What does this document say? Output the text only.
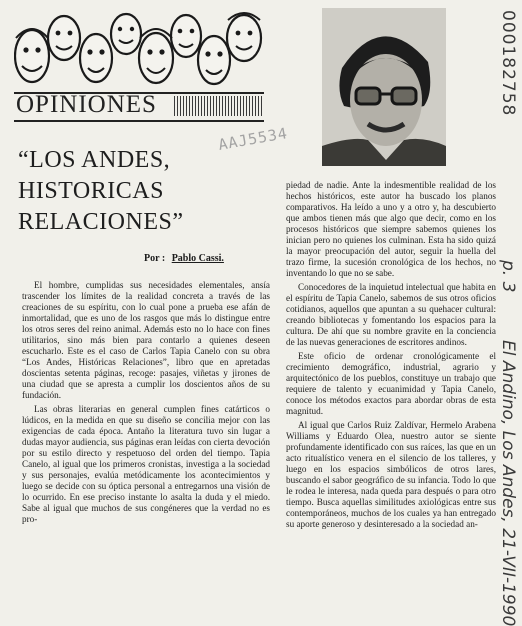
OPINIONES
AAJ5534
000182758
p. 3
El Andino, Los Andes, 21-VII-1990
“LOS ANDES,
HISTORICAS
RELACIONES”
Por : Pablo Cassi.

El hombre, cumplidas sus necesidades elementales, ansía trascender los límites de la realidad concreta a través de las creaciones de su espíritu, con lo cual pone a prueba ese afán de inmortalidad, que es uno de los rasgos que más lo distingue entre los otros seres del reino animal. Además esto no lo hace con fines utilitarios, sino más bien para contarlo a quienes deseen escucharlo. Este es el caso de Carlos Tapia Canelo con su obra “Los Andes, Históricas Relaciones”, libro que en apretadas doscientas setenta páginas, recoge: pasajes, viñetas y jirones de una ciudad que se apresta a cumplir los doscientos años de su fundación.

Las obras literarias en general cumplen fines catárticos o lúdicos, en la medida en que su diseño se concilia mejor con las exigencias de cada época. Antaño la literatura tuvo sin lugar a dudas mayor audiencia, sus páginas eran leídas con cierta devoción por su estilo directo y respetuoso del orden del tiempo. Tapia Canelo, al igual que los primeros cronistas, investiga a la sociedad y sus personajes, evalúa metódicamente los acontecimientos y luego se decide con su óptica personal a entregarnos una visión de lo ocurrido. En ese preciso instante lo asalta la duda y el miedo. Sabe al igual que muchos de sus congéneres que la verdad no es pro-

piedad de nadie. Ante la indesmentible realidad de los hechos históricos, este autor ha buscado los planos comparativos. Ha leído a uno y a otro y, ha descubierto que ambos tienen más que algo que decir, como en los procesos históricos que siempre sabemos quienes los inician pero no quienes los culminan. Esta ha sido quizá la mayor preocupación del autor, seguir la huella del trazo firme, la sucesión cronológica de los hechos, no inventando lo que no se sabe.

Conocedores de la inquietud intelectual que habita en el espíritu de Tapia Canelo, sabemos de sus otros oficios cotidianos, aquellos que apuntan a su quehacer cultural: creando bibliotecas y fomentando los espacios para la cultura. De ahí que su nombre gravite en la conciencia de las nuevas generaciones de escritores andinos.

Este oficio de ordenar cronológicamente el crecimiento demográfico, industrial, agrario y arquitectónico de los pueblos, constituye un trabajo que requiere de talento y ecuanimidad y Tapia Canelo, conoce los métodos exactos para abordar obras de esta magnitud.

Al igual que Carlos Ruiz Zaldívar, Hermelo Arabena Williams y Eduardo Olea, nuestro autor se siente profundamente identificado con sus raíces, las que en un acto ritualístico venera en el silencio de los talleres, y luego en los espacios simbólicos de otros lares, buscando el sabor geográfico de su infancia. Todo lo que le rodea le interesa, nada queda para después o para otro tiempo. Busca aquellas similitudes axiológicas entre sus contemporáneos, muchos de los cuales ya han entregado su aporte generoso y desinteresado a la sociedad an-
